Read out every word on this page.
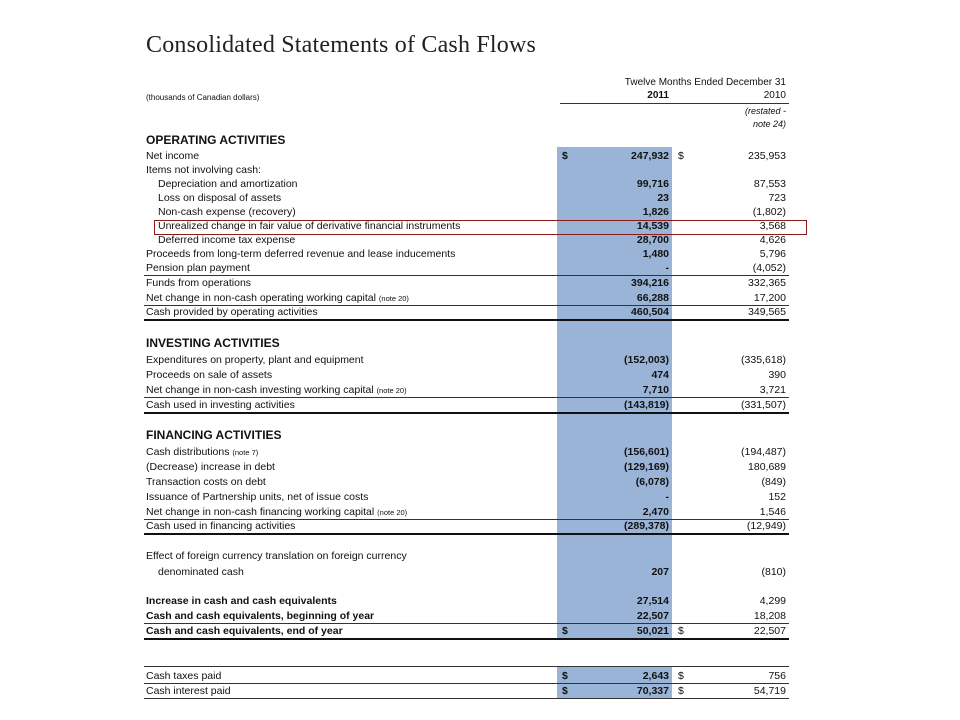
Consolidated Statements of Cash Flows
(thousands of Canadian dollars)
Twelve Months Ended December 31
2011	2010
(restated -
note 24)
OPERATING ACTIVITIES
Net income	$	247,932 $	235,953
Items not involving cash:
Depreciation and amortization	99,716	87,553
Loss on disposal of assets	23	723
Non-cash expense (recovery)	1,826	(1,802)
Unrealized change in fair value of derivative financial instruments	14,539	3,568
Deferred income tax expense	28,700	4,626
Proceeds from long-term deferred revenue and lease inducements	1,480	5,796
Pension plan payment	-	(4,052)
Funds from operations	394,216	332,365
Net change in non-cash operating working capital (note 20)	66,288	17,200
Cash provided by operating activities	460,504	349,565
INVESTING ACTIVITIES
Expenditures on property, plant and equipment	(152,003)	(335,618)
Proceeds on sale of assets	474	390
Net change in non-cash investing working capital (note 20)	7,710	3,721
Cash used in investing activities	(143,819)	(331,507)
FINANCING ACTIVITIES
Cash distributions (note 7)	(156,601)	(194,487)
(Decrease) increase in debt	(129,169)	180,689
Transaction costs on debt	(6,078)	(849)
Issuance of Partnership units, net of issue costs	-	152
Net change in non-cash financing working capital (note 20)	2,470	1,546
Cash used in financing activities	(289,378)	(12,949)
Effect of foreign currency translation on foreign currency
denominated cash	207	(810)
Increase in cash and cash equivalents	27,514	4,299
Cash and cash equivalents, beginning of year	22,507	18,208
Cash and cash equivalents, end of year	$	50,021 $	22,507
Cash taxes paid	$	2,643 $	756
Cash interest paid	$	70,337 $	54,719
